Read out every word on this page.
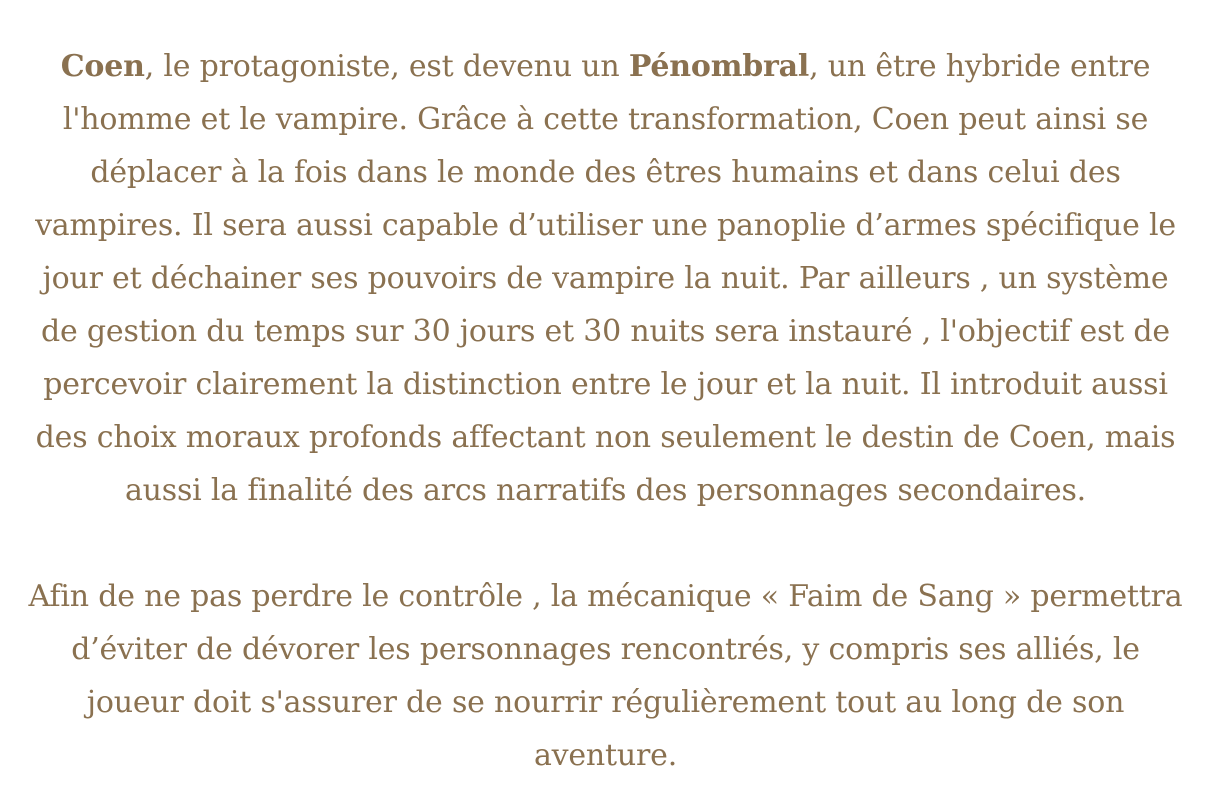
Coen, le protagoniste, est devenu un Pénombral, un être hybride entre l'homme et le vampire. Grâce à cette transformation, Coen peut ainsi se déplacer à la fois dans le monde des êtres humains et dans celui des vampires. Il sera aussi capable d’utiliser une panoplie d’armes spécifique le jour et déchainer ses pouvoirs de vampire la nuit. Par ailleurs , un système de gestion du temps sur 30 jours et 30 nuits sera instauré , l'objectif est de percevoir clairement la distinction entre le jour et la nuit. Il introduit aussi des choix moraux profonds affectant non seulement le destin de Coen, mais aussi la finalité des arcs narratifs des personnages secondaires.

Afin de ne pas perdre le contrôle , la mécanique « Faim de Sang » permettra d’éviter de dévorer les personnages rencontrés, y compris ses alliés, le joueur doit s'assurer de se nourrir régulièrement tout au long de son aventure.
